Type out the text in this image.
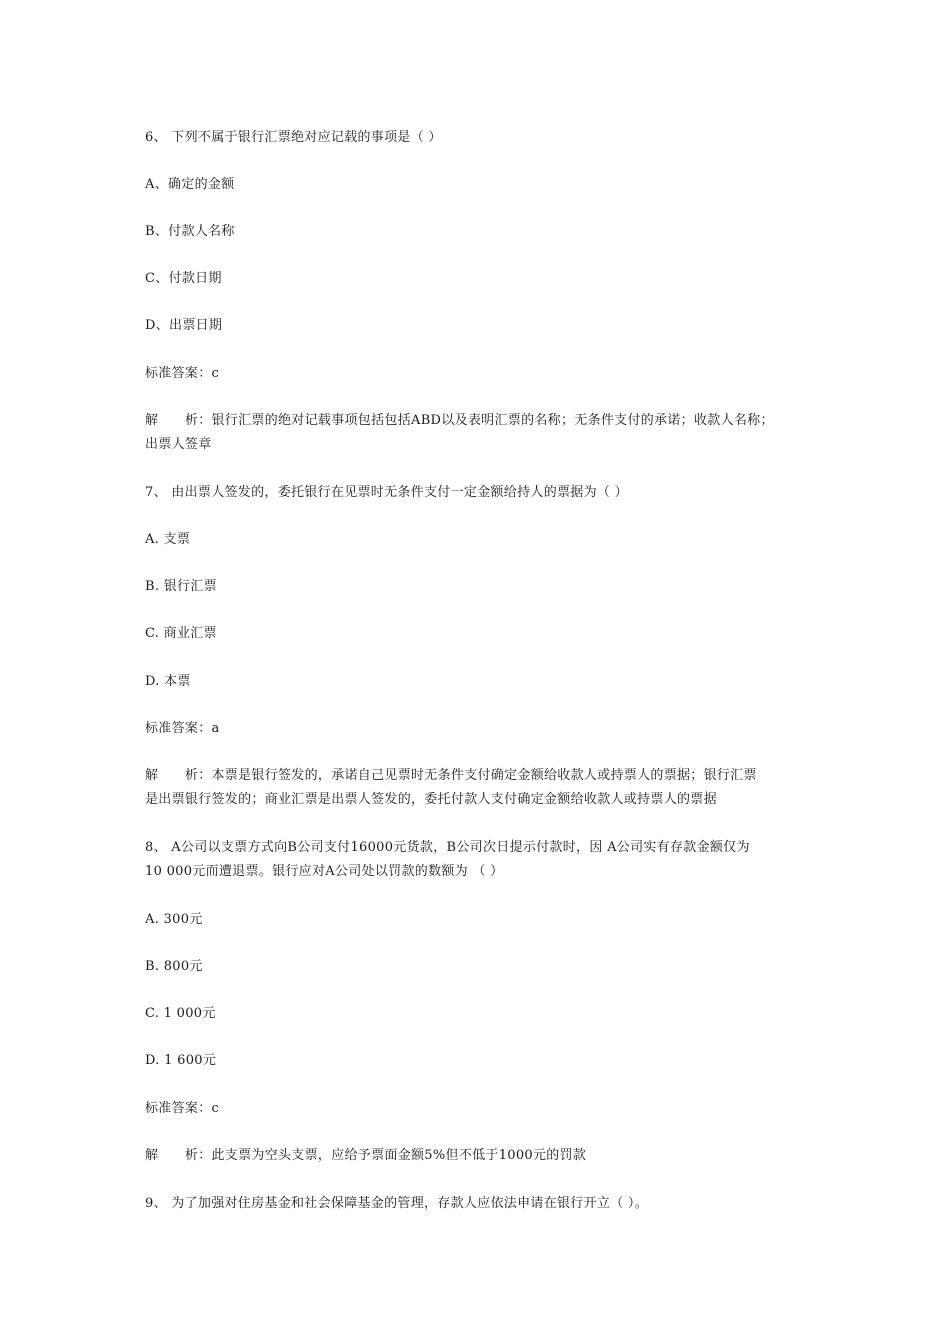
6、 下列不属于银行汇票绝对应记载的事项是（ ）
A、确定的金额
B、付款人名称
C、付款日期
D、出票日期
标准答案：c
解　　析：银行汇票的绝对记载事项包括包括ABD以及表明汇票的名称；无条件支付的承诺；收款人名称；
出票人签章
7、 由出票人签发的，委托银行在见票时无条件支付一定金额给持人的票据为（ ）
A. 支票
B. 银行汇票
C. 商业汇票
D. 本票
标准答案：a
解　　析：本票是银行签发的，承诺自己见票时无条件支付确定金额给收款人或持票人的票据；银行汇票
是出票银行签发的；商业汇票是出票人签发的，委托付款人支付确定金额给收款人或持票人的票据
8、 A公司以支票方式向B公司支付16000元货款，B公司次日提示付款时，因 A公司实有存款金额仅为
10 000元而遭退票。银行应对A公司处以罚款的数额为 （ ）
A. 300元
B. 800元
C. 1 000元
D. 1 600元
标准答案：c
解　　析：此支票为空头支票，应给予票面金额5%但不低于1000元的罚款
9、 为了加强对住房基金和社会保障基金的管理，存款人应依法申请在银行开立（ ）。
